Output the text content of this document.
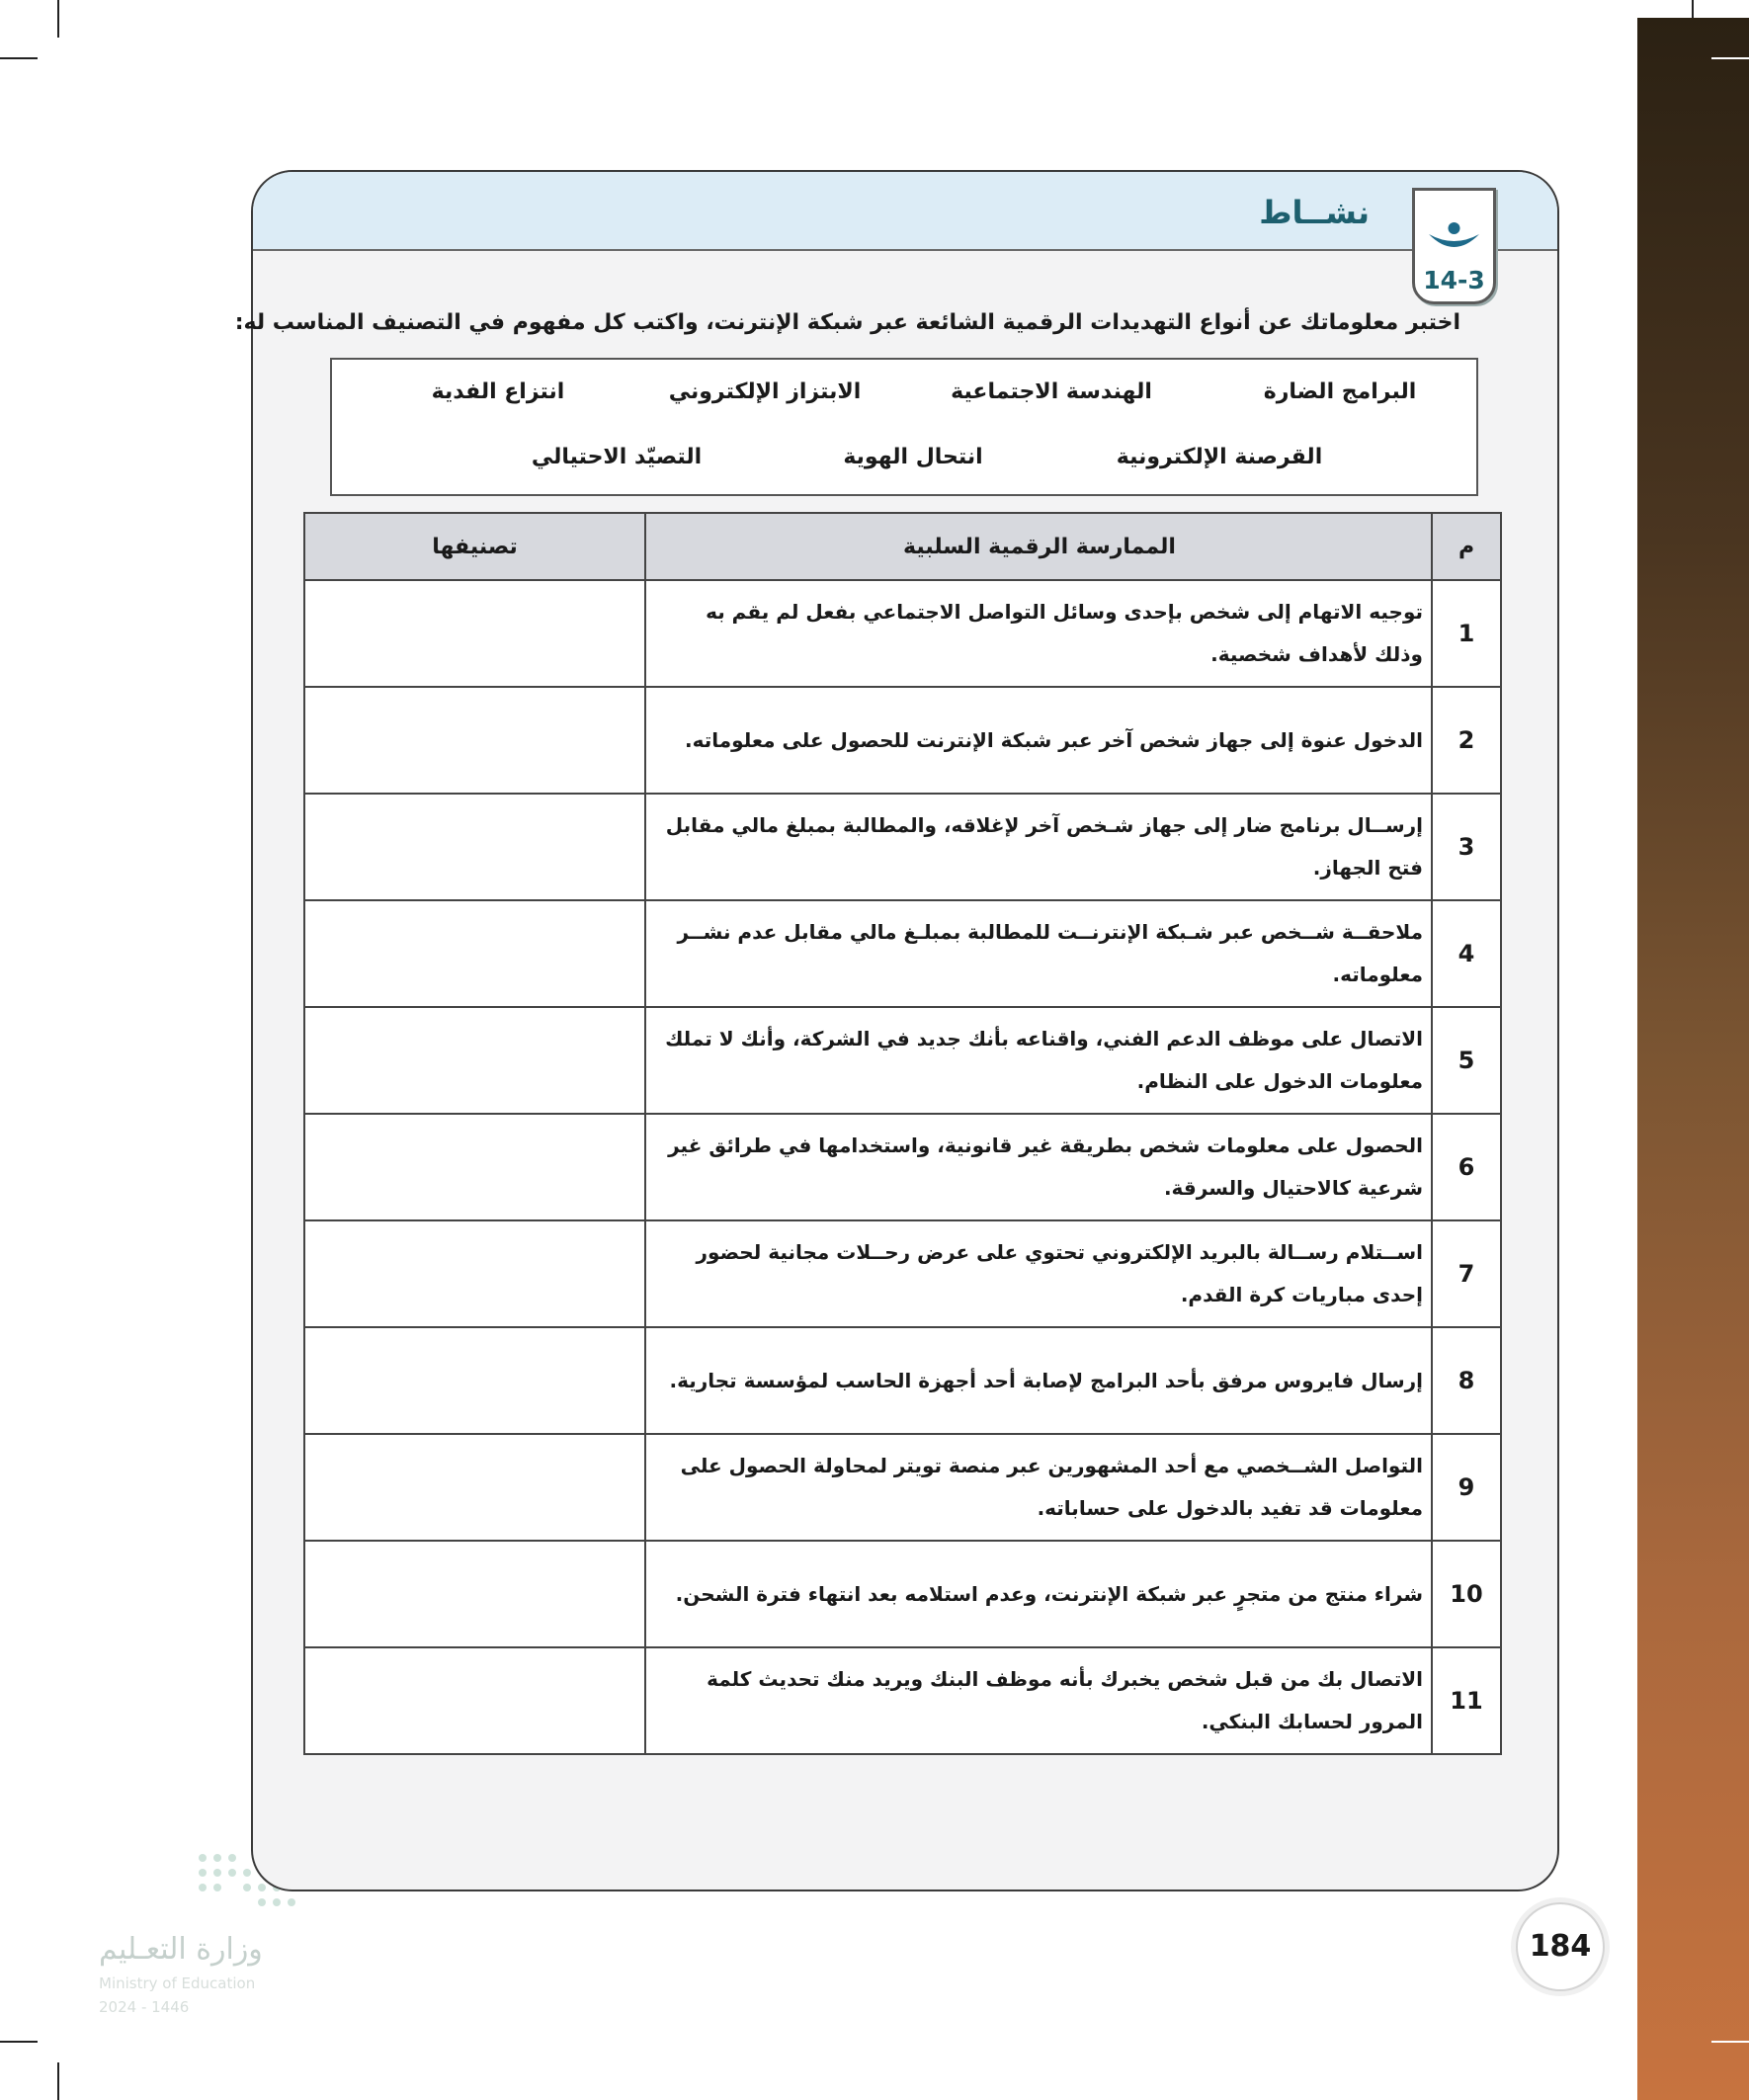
وزارة التعـليم
Ministry of Education
2024 - 1446
نشــاط
14-3
اختبر معلوماتك عن أنواع التهديدات الرقمية الشائعة عبر شبكة الإنترنت، واكتب كل مفهوم في التصنيف المناسب له:
البرامج الضارة
الهندسة الاجتماعية
الابتزاز الإلكتروني
انتزاع الفدية
القرصنة الإلكترونية
انتحال الهوية
التصيّد الاحتيالي
م	الممارسة الرقمية السلبية	تصنيفها
1	توجيه الاتهام إلى شخص بإحدى وسائل التواصل الاجتماعي بفعل لم يقم به وذلك لأهداف شخصية.	
2	الدخول عنوة إلى جهاز شخص آخر عبر شبكة الإنترنت للحصول على معلوماته.	
3	إرســال برنامج ضار إلى جهاز شـخص آخر لإغلاقه، والمطالبة بمبلغ مالي مقابل فتح الجهاز.	
4	ملاحقــة شــخص عبر شـبكة الإنترنــت للمطالبة بمبلـغ مالي مقابل عدم نشــر معلوماته.	
5	الاتصال على موظف الدعم الفني، واقناعه بأنك جديد في الشركة، وأنك لا تملك معلومات الدخول على النظام.	
6	الحصول على معلومات شخص بطريقة غير قانونية، واستخدامها في طرائق غير شرعية كالاحتيال والسرقة.	
7	اســتلام رســالة بالبريد الإلكتروني تحتوي على عرض رحــلات مجانية لحضور إحدى مباريات كرة القدم.	
8	إرسال فايروس مرفق بأحد البرامج لإصابة أحد أجهزة الحاسب لمؤسسة تجارية.	
9	التواصل الشــخصي مع أحد المشهورين عبر منصة تويتر لمحاولة الحصول على معلومات قد تفيد بالدخول على حساباته.	
10	شراء منتج من متجرٍ عبر شبكة الإنترنت، وعدم استلامه بعد انتهاء فترة الشحن.	
11	الاتصال بك من قبل شخص يخبرك بأنه موظف البنك ويريد منك تحديث كلمة المرور لحسابك البنكي.	
184
